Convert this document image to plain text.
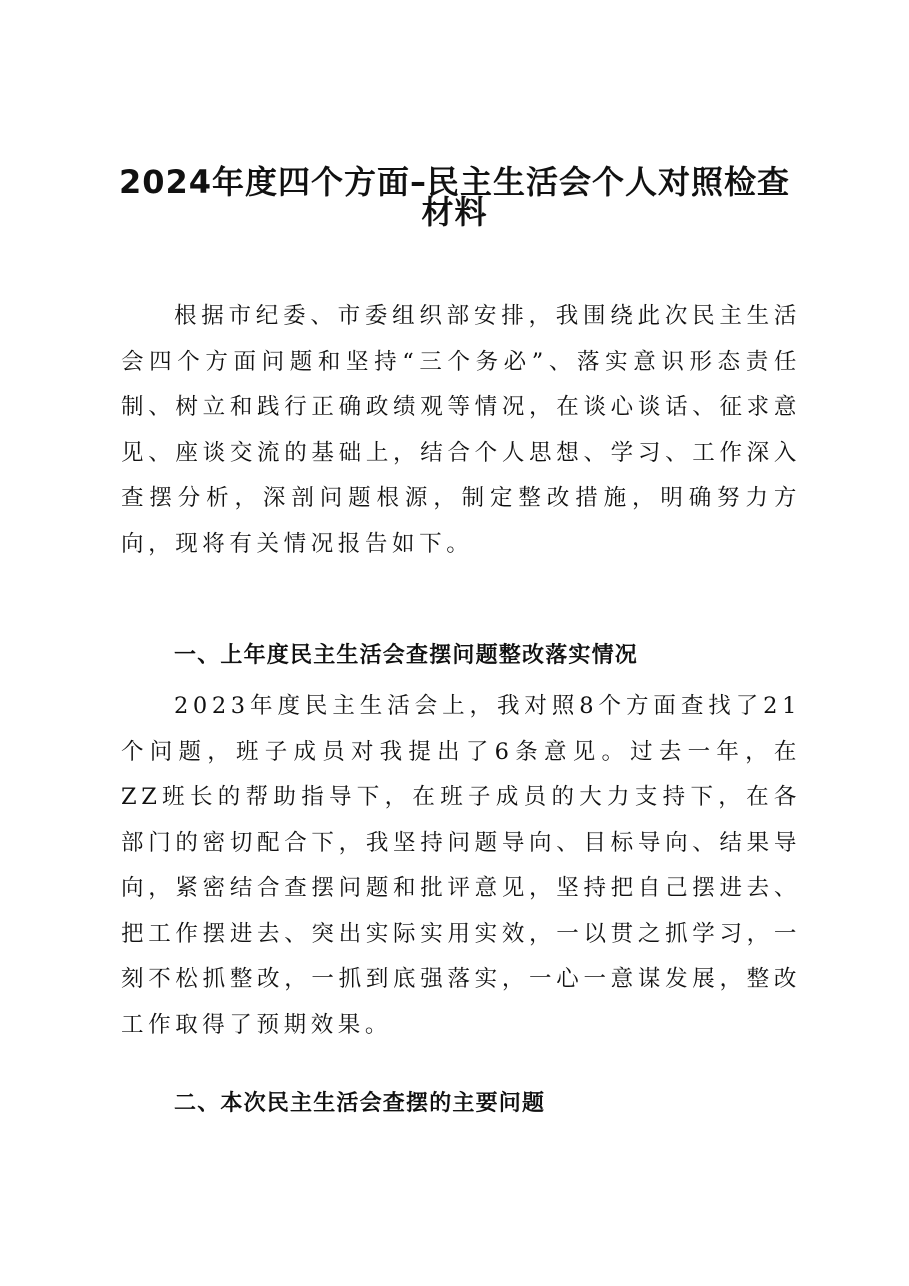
2024年度四个方面–民主生活会个人对照检查
材料

根据市纪委、市委组织部安排，我围绕此次民主生活会四个方面问题和坚持“三个务必”、落实意识形态责任制、树立和践行正确政绩观等情况，在谈心谈话、征求意见、座谈交流的基础上，结合个人思想、学习、工作深入查摆分析，深剖问题根源，制定整改措施，明确努力方向，现将有关情况报告如下。

一、上年度民主生活会查摆问题整改落实情况

2023年度民主生活会上，我对照8个方面查找了21个问题，班子成员对我提出了6条意见。过去一年，在ZZ班长的帮助指导下，在班子成员的大力支持下，在各部门的密切配合下，我坚持问题导向、目标导向、结果导向，紧密结合查摆问题和批评意见，坚持把自己摆进去、把工作摆进去、突出实际实用实效，一以贯之抓学习，一刻不松抓整改，一抓到底强落实，一心一意谋发展，整改工作取得了预期效果。

二、本次民主生活会查摆的主要问题
